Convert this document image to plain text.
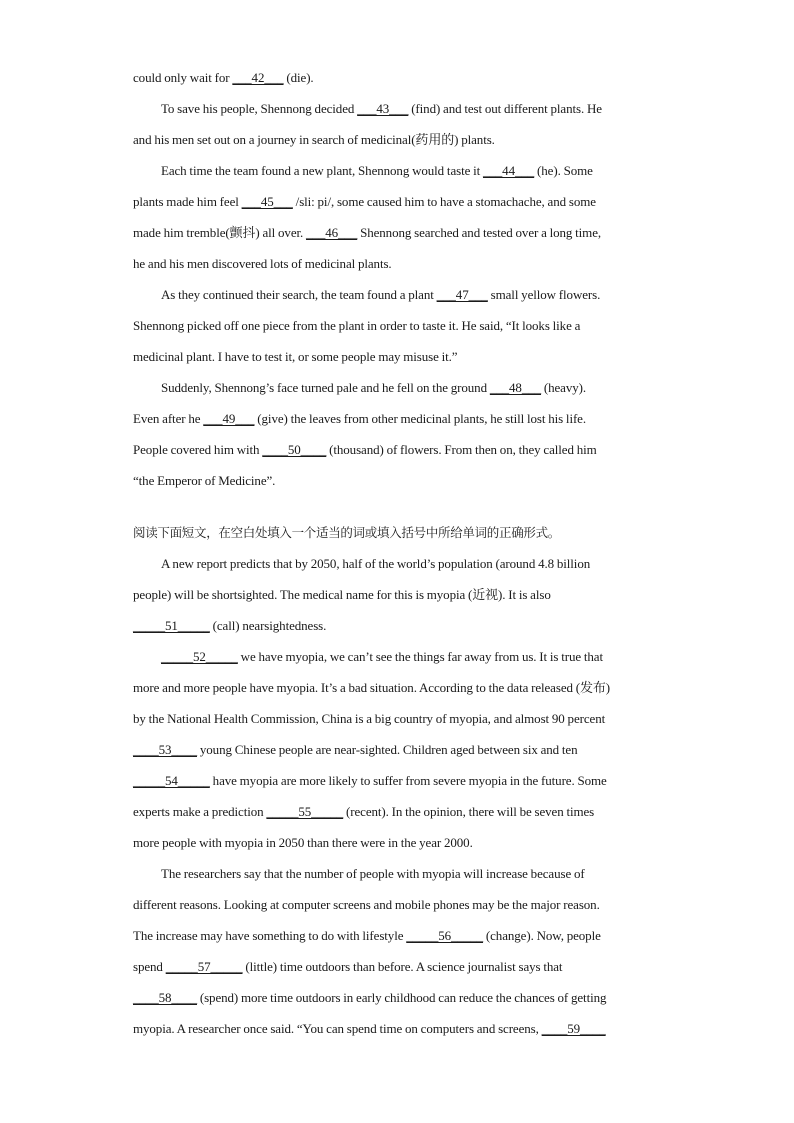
could only wait for ___42___ (die).
To save his people, Shennong decided ___43___ (find) and test out different plants. He
and his men set out on a journey in search of medicinal(药用的) plants.
Each time the team found a new plant, Shennong would taste it ___44___ (he). Some
plants made him feel ___45___ /sli: pi/, some caused him to have a stomachache, and some
made him tremble(颤抖) all over. ___46___ Shennong searched and tested over a long time,
he and his men discovered lots of medicinal plants.
As they continued their search, the team found a plant ___47___ small yellow flowers.
Shennong picked off one piece from the plant in order to taste it. He said, “It looks like a
medicinal plant. I have to test it, or some people may misuse it.”
Suddenly, Shennong’s face turned pale and he fell on the ground ___48___ (heavy).
Even after he ___49___ (give) the leaves from other medicinal plants, he still lost his life.
People covered him with ____50____ (thousand) of flowers. From then on, they called him
“the Emperor of Medicine”.
阅读下面短文，在空白处填入一个适当的词或填入括号中所给单词的正确形式。
A new report predicts that by 2050, half of the world’s population (around 4.8 billion
people) will be shortsighted. The medical name for this is myopia (近视). It is also
_____51_____ (call) nearsightedness.
_____52_____ we have myopia, we can’t see the things far away from us. It is true that
more and more people have myopia. It’s a bad situation. According to the data released (发布)
by the National Health Commission, China is a big country of myopia, and almost 90 percent
____53____ young Chinese people are near-sighted. Children aged between six and ten
_____54_____ have myopia are more likely to suffer from severe myopia in the future. Some
experts make a prediction _____55_____ (recent). In the opinion, there will be seven times
more people with myopia in 2050 than there were in the year 2000.
The researchers say that the number of people with myopia will increase because of
different reasons. Looking at computer screens and mobile phones may be the major reason.
The increase may have something to do with lifestyle _____56_____ (change). Now, people
spend _____57_____ (little) time outdoors than before. A science journalist says that
____58____ (spend) more time outdoors in early childhood can reduce the chances of getting
myopia. A researcher once said. “You can spend time on computers and screens, ____59____
